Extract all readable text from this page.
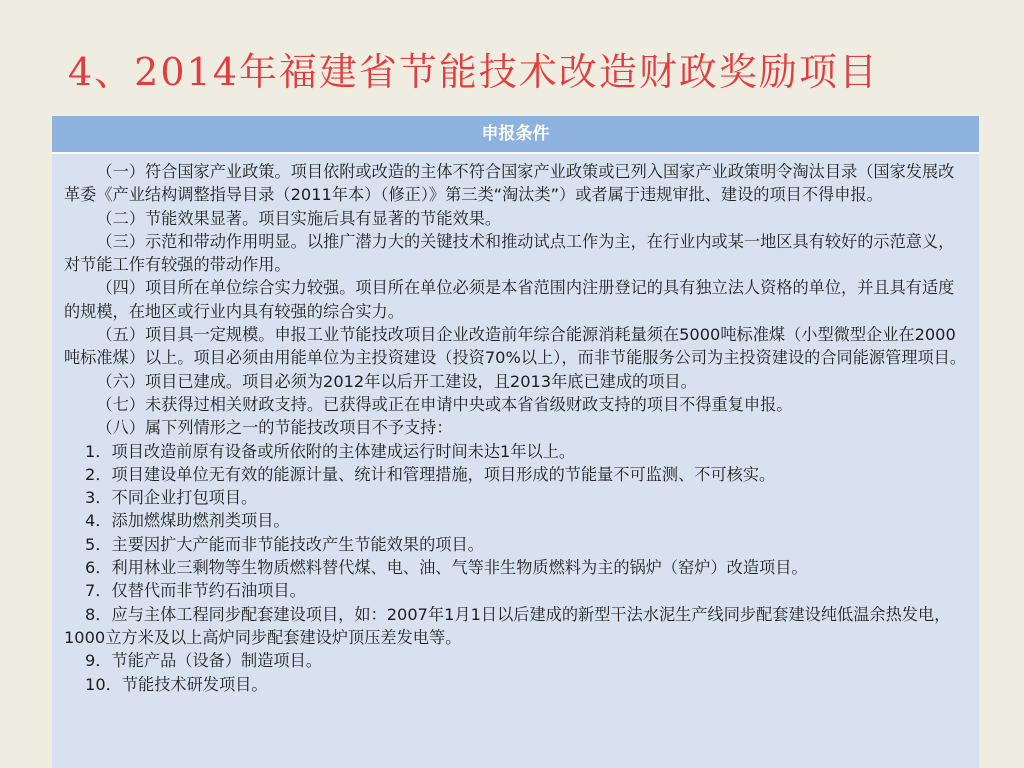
4、2014年福建省节能技术改造财政奖励项目
申报条件

（一）符合国家产业政策。项目依附或改造的主体不符合国家产业政策或已列入国家产业政策明令淘汰目录（国家发展改革委《产业结构调整指导目录（2011年本）（修正）》第三类“淘汰类”）或者属于违规审批、建设的项目不得申报。

（二）节能效果显著。项目实施后具有显著的节能效果。

（三）示范和带动作用明显。以推广潜力大的关键技术和推动试点工作为主，在行业内或某一地区具有较好的示范意义，对节能工作有较强的带动作用。

（四）项目所在单位综合实力较强。项目所在单位必须是本省范围内注册登记的具有独立法人资格的单位，并且具有适度的规模，在地区或行业内具有较强的综合实力。

（五）项目具一定规模。申报工业节能技改项目企业改造前年综合能源消耗量须在5000吨标准煤（小型微型企业在2000吨标准煤）以上。项目必须由用能单位为主投资建设（投资70%以上），而非节能服务公司为主投资建设的合同能源管理项目。

（六）项目已建成。项目必须为2012年以后开工建设，且2013年底已建成的项目。

（七）未获得过相关财政支持。已获得或正在申请中央或本省省级财政支持的项目不得重复申报。

（八）属下列情形之一的节能技改项目不予支持：

1．项目改造前原有设备或所依附的主体建成运行时间未达1年以上。

2．项目建设单位无有效的能源计量、统计和管理措施，项目形成的节能量不可监测、不可核实。

3．不同企业打包项目。

4．添加燃煤助燃剂类项目。

5．主要因扩大产能而非节能技改产生节能效果的项目。

6．利用林业三剩物等生物质燃料替代煤、电、油、气等非生物质燃料为主的锅炉（窑炉）改造项目。

7．仅替代而非节约石油项目。

8．应与主体工程同步配套建设项目，如：2007年1月1日以后建成的新型干法水泥生产线同步配套建设纯低温余热发电，1000立方米及以上高炉同步配套建设炉顶压差发电等。

9．节能产品（设备）制造项目。

10．节能技术研发项目。
